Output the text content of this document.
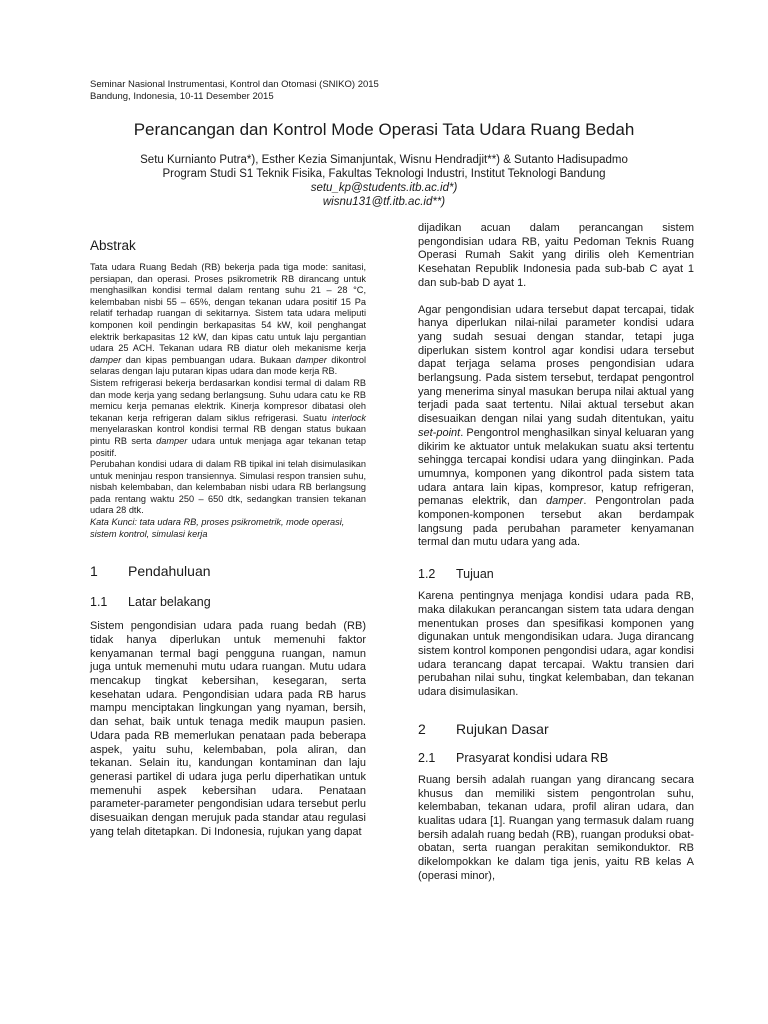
Seminar Nasional Instrumentasi, Kontrol dan Otomasi (SNIKO) 2015
Bandung, Indonesia, 10-11 Desember 2015
Perancangan dan Kontrol Mode Operasi Tata Udara Ruang Bedah
Setu Kurnianto Putra*), Esther Kezia Simanjuntak, Wisnu Hendradjit**) & Sutanto Hadisupadmo
Program Studi S1 Teknik Fisika, Fakultas Teknologi Industri, Institut Teknologi Bandung
setu_kp@students.itb.ac.id*)
wisnu131@tf.itb.ac.id**)
Abstrak

Tata udara Ruang Bedah (RB) bekerja pada tiga mode: sanitasi, persiapan, dan operasi. Proses psikrometrik RB dirancang untuk menghasilkan kondisi termal dalam rentang suhu 21 – 28 °C, kelembaban nisbi 55 – 65%, dengan tekanan udara positif 15 Pa relatif terhadap ruangan di sekitarnya. Sistem tata udara meliputi komponen koil pendingin berkapasitas 54 kW, koil penghangat elektrik berkapasitas 12 kW, dan kipas catu untuk laju pergantian udara 25 ACH. Tekanan udara RB diatur oleh mekanisme kerja damper dan kipas pembuangan udara. Bukaan damper dikontrol selaras dengan laju putaran kipas udara dan mode kerja RB.

Sistem refrigerasi bekerja berdasarkan kondisi termal di dalam RB dan mode kerja yang sedang berlangsung. Suhu udara catu ke RB memicu kerja pemanas elektrik. Kinerja kompresor dibatasi oleh tekanan kerja refrigeran dalam siklus refrigerasi. Suatu interlock menyelaraskan kontrol kondisi termal RB dengan status bukaan pintu RB serta damper udara untuk menjaga agar tekanan tetap positif.

Perubahan kondisi udara di dalam RB tipikal ini telah disimulasikan untuk meninjau respon transiennya. Simulasi respon transien suhu, nisbah kelembaban, dan kelembaban nisbi udara RB berlangsung pada rentang waktu 250 – 650 dtk, sedangkan transien tekanan udara 28 dtk.

Kata Kunci: tata udara RB, proses psikrometrik, mode operasi, sistem kontrol, simulasi kerja
1	Pendahuluan
1.1	Latar belakang

Sistem pengondisian udara pada ruang bedah (RB) tidak hanya diperlukan untuk memenuhi faktor kenyamanan termal bagi pengguna ruangan, namun juga untuk memenuhi mutu udara ruangan. Mutu udara mencakup tingkat kebersihan, kesegaran, serta kesehatan udara. Pengondisian udara pada RB harus mampu menciptakan lingkungan yang nyaman, bersih, dan sehat, baik untuk tenaga medik maupun pasien. Udara pada RB memerlukan penataan pada beberapa aspek, yaitu suhu, kelembaban, pola aliran, dan tekanan. Selain itu, kandungan kontaminan dan laju generasi partikel di udara juga perlu diperhatikan untuk memenuhi aspek kebersihan udara. Penataan parameter-parameter pengondisian udara tersebut perlu disesuaikan dengan merujuk pada standar atau regulasi yang telah ditetapkan. Di Indonesia, rujukan yang dapat

dijadikan acuan dalam perancangan sistem pengondisian udara RB, yaitu Pedoman Teknis Ruang Operasi Rumah Sakit yang dirilis oleh Kementrian Kesehatan Republik Indonesia pada sub-bab C ayat 1 dan sub-bab D ayat 1.

Agar pengondisian udara tersebut dapat tercapai, tidak hanya diperlukan nilai-nilai parameter kondisi udara yang sudah sesuai dengan standar, tetapi juga diperlukan sistem kontrol agar kondisi udara tersebut dapat terjaga selama proses pengondisian udara berlangsung. Pada sistem tersebut, terdapat pengontrol yang menerima sinyal masukan berupa nilai aktual yang terjadi pada saat tertentu. Nilai aktual tersebut akan disesuaikan dengan nilai yang sudah ditentukan, yaitu set-point. Pengontrol menghasilkan sinyal keluaran yang dikirim ke aktuator untuk melakukan suatu aksi tertentu sehingga tercapai kondisi udara yang diinginkan. Pada umumnya, komponen yang dikontrol pada sistem tata udara antara lain kipas, kompresor, katup refrigeran, pemanas elektrik, dan damper. Pengontrolan pada komponen-komponen tersebut akan berdampak langsung pada perubahan parameter kenyamanan termal dan mutu udara yang ada.

1.2	Tujuan

Karena pentingnya menjaga kondisi udara pada RB, maka dilakukan perancangan sistem tata udara dengan menentukan proses dan spesifikasi komponen yang digunakan untuk mengondisikan udara. Juga dirancang sistem kontrol komponen pengondisi udara, agar kondisi udara terancang dapat tercapai. Waktu transien dari perubahan nilai suhu, tingkat kelembaban, dan tekanan udara disimulasikan.

2	Rujukan Dasar
2.1	Prasyarat kondisi udara RB

Ruang bersih adalah ruangan yang dirancang secara khusus dan memiliki sistem pengontrolan suhu, kelembaban, tekanan udara, profil aliran udara, dan kualitas udara [1]. Ruangan yang termasuk dalam ruang bersih adalah ruang bedah (RB), ruangan produksi obat-obatan, serta ruangan perakitan semikonduktor. RB dikelompokkan ke dalam tiga jenis, yaitu RB kelas A (operasi minor),
